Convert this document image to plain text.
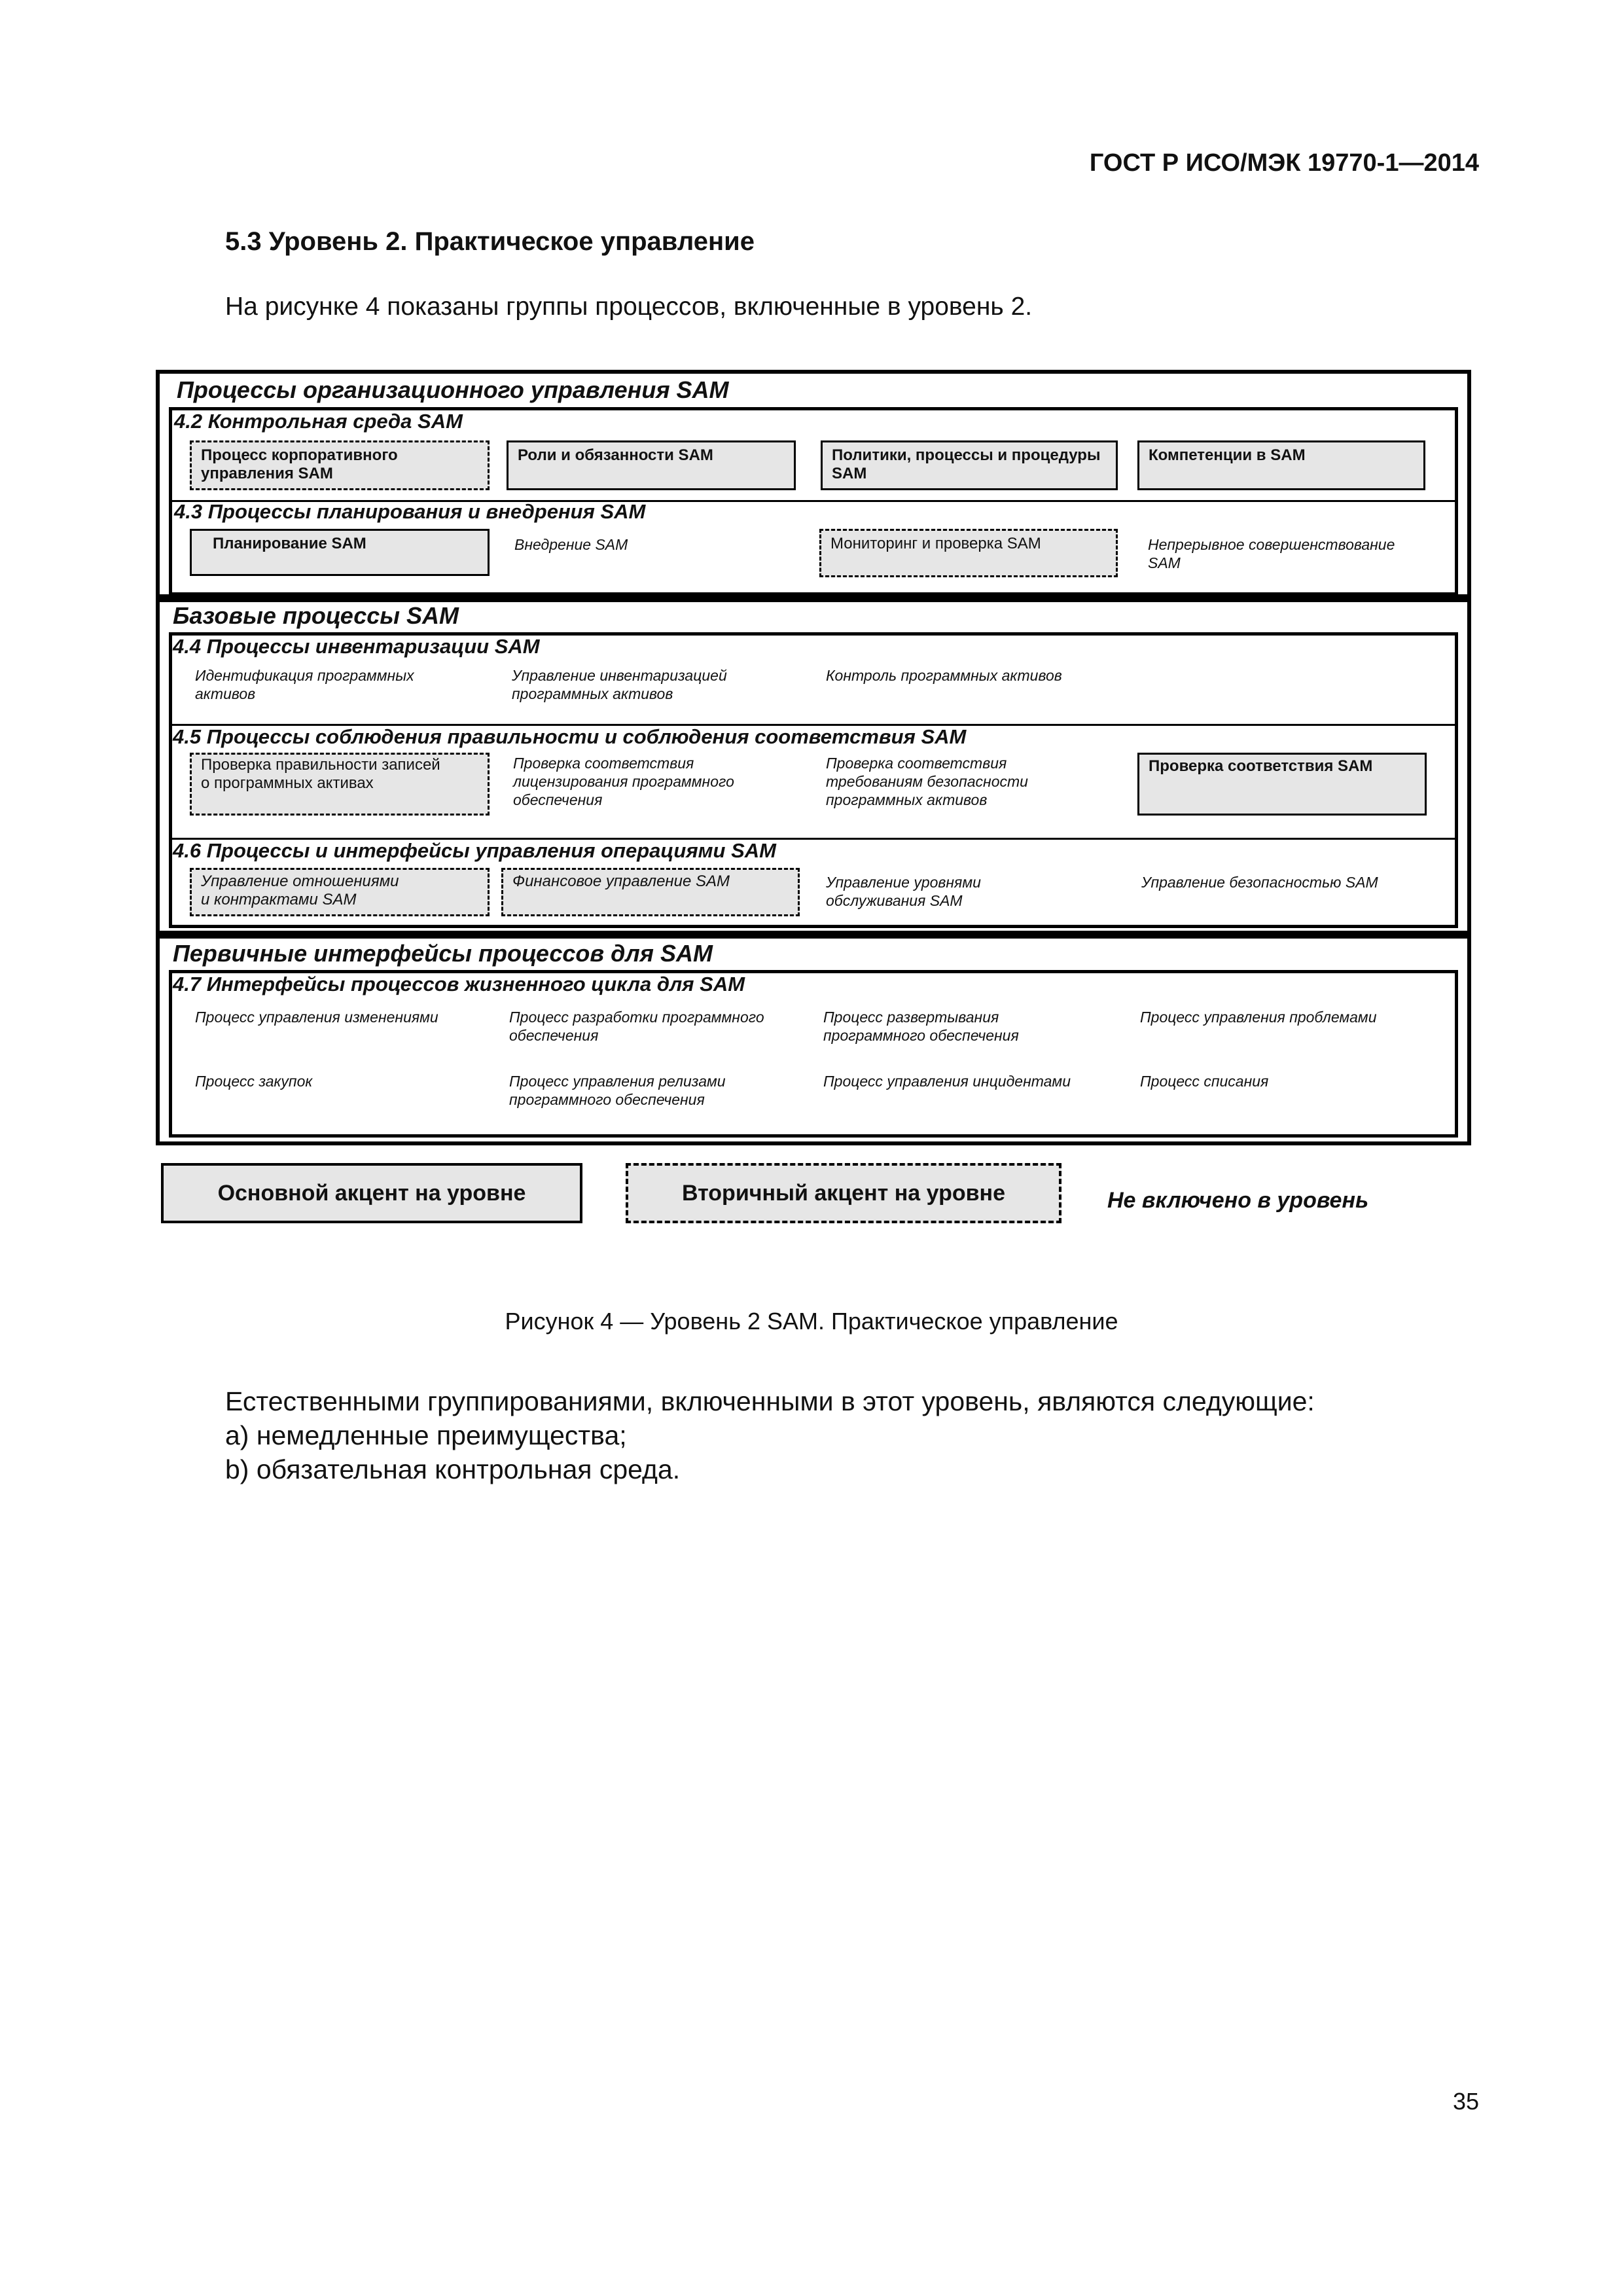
ГОСТ Р ИСО/МЭК 19770-1—2014
5.3 Уровень 2. Практическое управление
На рисунке 4 показаны группы процессов, включенные в уровень 2.
Процессы организационного управления SAM
4.2 Контрольная среда SAM
Процесс корпоративного
управления SAM
Роли и обязанности SAM	Политики, процессы и процедуры
SAM
Компетенции в SAM
4.3 Процессы планирования и внедрения SAM
Планирование SAM	Внедрение SAM	Мониторинг и проверка SAM	Непрерывное совершенствование
SAM
Базовые процессы SAM
4.4 Процессы инвентаризации SAM
Идентификация программных
активов
Управление инвентаризацией
программных активов
Контроль программных активов
4.5 Процессы соблюдения правильности и соблюдения соответствия SAM
Проверка правильности записей
о программных активах
Проверка соответствия
лицензирования программного
обеспечения
Проверка соответствия
требованиям безопасности
программных активов
Проверка соответствия SAM
4.6 Процессы и интерфейсы управления операциями SAM
Управление отношениями
и контрактами SAM
Финансовое управление SAM	Управление уровнями
обслуживания SAM
Управление безопасностью SAM
Первичные интерфейсы процессов для SAM
4.7 Интерфейсы процессов жизненного цикла для SAM
Процесс управления изменениями	Процесс разработки программного
обеспечения
Процесс развертывания
программного обеспечения
Процесс управления проблемами
Процесс закупок	Процесс управления релизами
программного обеспечения
Процесс управления инцидентами	Процесс списания
Основной акцент на уровне	Вторичный акцент на уровне	Не включено в уровень
Рисунок 4 — Уровень 2 SAM. Практическое управление
Естественными группированиями, включенными в этот уровень, являются следующие:
a) немедленные преимущества;
b) обязательная контрольная среда.
35
